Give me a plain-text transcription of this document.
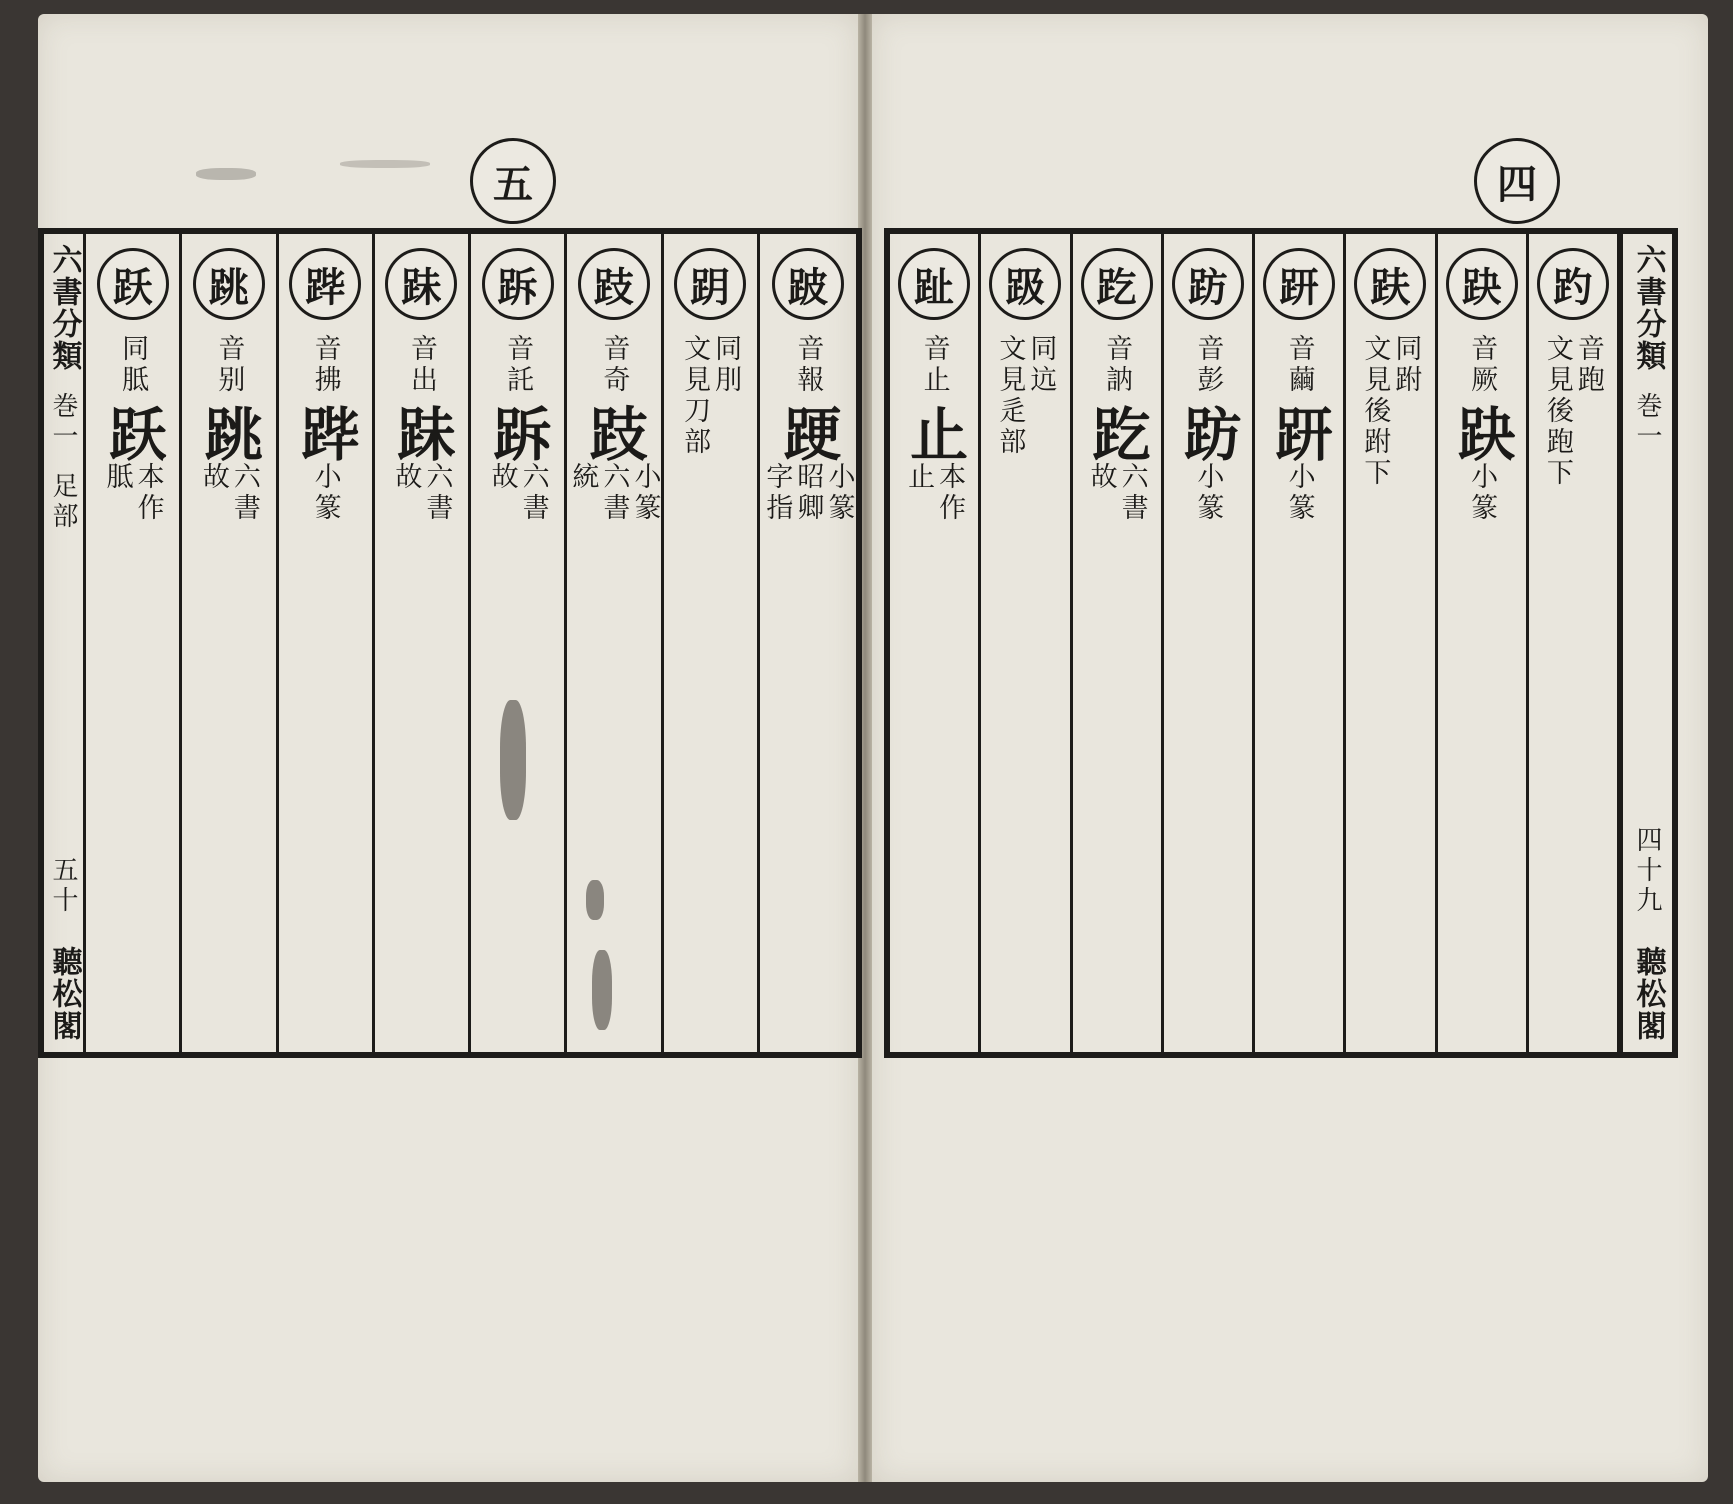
五	四
六書分類
巻一
足部
五十
聽松閣
跃
同胝
跃
本作
胝
跳
音别
跳
六書
故
跸
音拂
跸
小篆
跊
音出
跊
六書
故
跅
音託
跅
六書
故
跂
音奇
跂
小篆
六書
統
跀
同刖
文見刀部
跛
音報
𨁈
小篆
昭卿
字指
趾
音止
止
本作
止
趿
同迒
文見辵部
趷
音訥
趷
六書
故
趽
音彭
趽
小篆
趼
音繭
趼
小篆
趺
同跗
文見後跗下
趹
音厥
趹
小篆
趵
音跑
文見後跑下
六書分類
巻一
四十九
聽松閣
